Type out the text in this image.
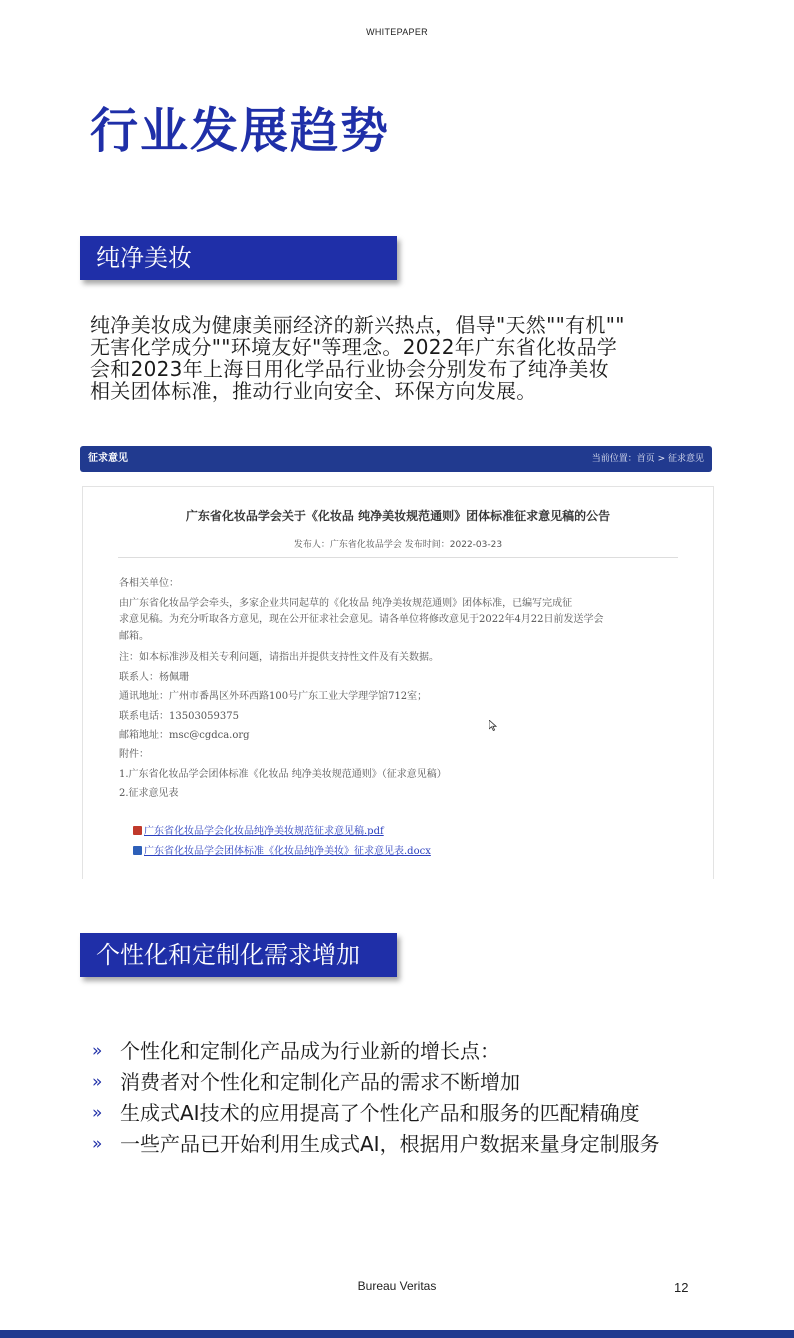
WHITEPAPER
行业发展趋势
纯净美妆
纯净美妆成为健康美丽经济的新兴热点，倡导"天然""有机""
无害化学成分""环境友好"等理念。2022年广东省化妆品学
会和2023年上海日用化学品行业协会分别发布了纯净美妆
相关团体标准，推动行业向安全、环保方向发展。
征求意见	当前位置：首页 > 征求意见
广东省化妆品学会关于《化妆品 纯净美妆规范通则》团体标准征求意见稿的公告
发布人：广东省化妆品学会 发布时间：2022-03-23
各相关单位：
由广东省化妆品学会牵头，多家企业共同起草的《化妆品 纯净美妆规范通则》团体标准，已编写完成征
求意见稿。为充分听取各方意见，现在公开征求社会意见。请各单位将修改意见于2022年4月22日前发送学会
邮箱。
注：如本标准涉及相关专利问题，请指出并提供支持性文件及有关数据。
联系人：杨佩珊
通讯地址：广州市番禺区外环西路100号广东工业大学理学馆712室；
联系电话：13503059375
邮箱地址：msc@cgdca.org
附件：
1.广东省化妆品学会团体标准《化妆品 纯净美妆规范通则》（征求意见稿）
2.征求意见表
广东省化妆品学会化妆品纯净美妆规范征求意见稿.pdf
广东省化妆品学会团体标准《化妆品纯净美妆》征求意见表.docx
个性化和定制化需求增加
» 个性化和定制化产品成为行业新的增长点：
» 消费者对个性化和定制化产品的需求不断增加
» 生成式AI技术的应用提高了个性化产品和服务的匹配精确度
» 一些产品已开始利用生成式AI，根据用户数据来量身定制服务
Bureau Veritas	12
